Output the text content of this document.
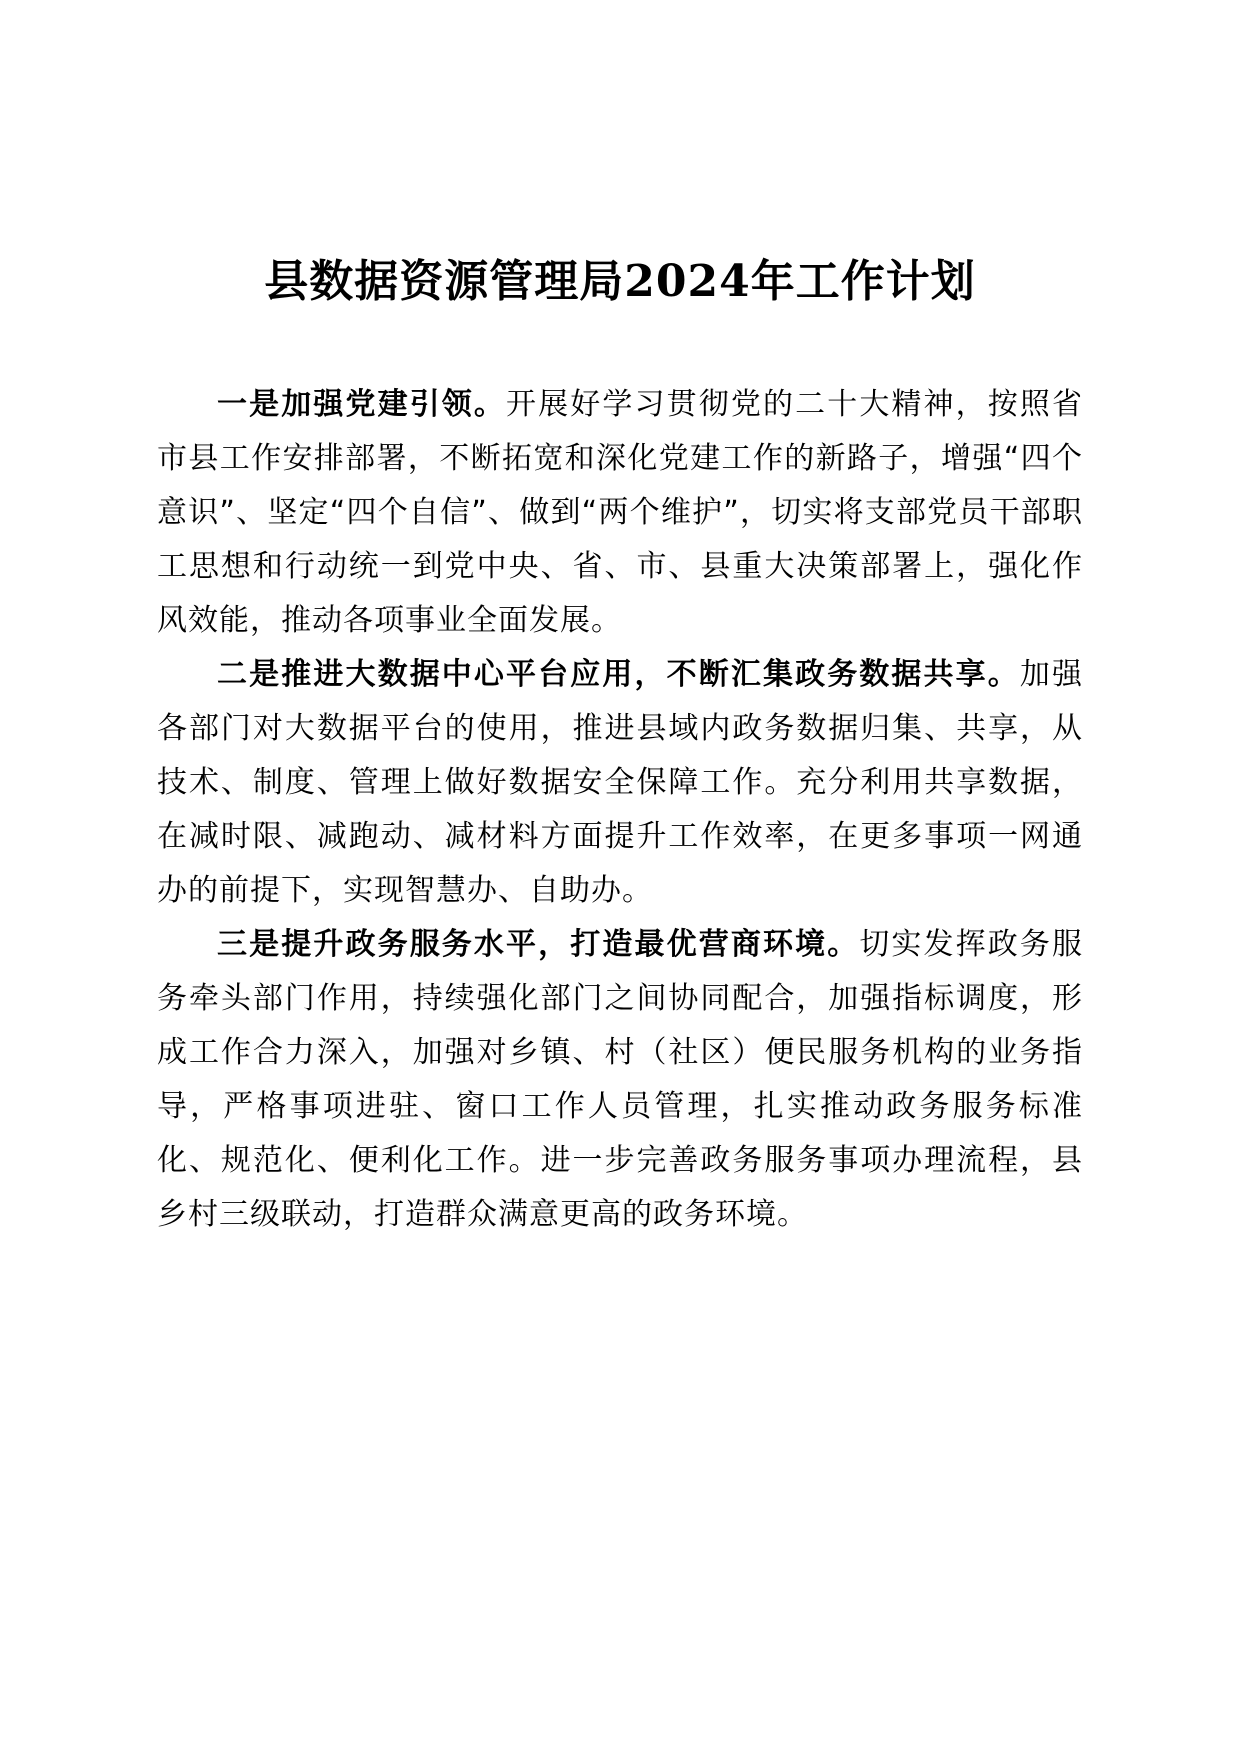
县数据资源管理局2024年工作计划

一是加强党建引领。开展好学习贯彻党的二十大精神，按照省市县工作安排部署，不断拓宽和深化党建工作的新路子，增强“四个意识”、坚定“四个自信”、做到“两个维护”，切实将支部党员干部职工思想和行动统一到党中央、省、市、县重大决策部署上，强化作风效能，推动各项事业全面发展。

二是推进大数据中心平台应用，不断汇集政务数据共享。加强各部门对大数据平台的使用，推进县域内政务数据归集、共享，从技术、制度、管理上做好数据安全保障工作。充分利用共享数据，在减时限、减跑动、减材料方面提升工作效率，在更多事项一网通办的前提下，实现智慧办、自助办。

三是提升政务服务水平，打造最优营商环境。切实发挥政务服务牵头部门作用，持续强化部门之间协同配合，加强指标调度，形成工作合力深入，加强对乡镇、村（社区）便民服务机构的业务指导，严格事项进驻、窗口工作人员管理，扎实推动政务服务标准化、规范化、便利化工作。进一步完善政务服务事项办理流程，县乡村三级联动，打造群众满意更高的政务环境。
